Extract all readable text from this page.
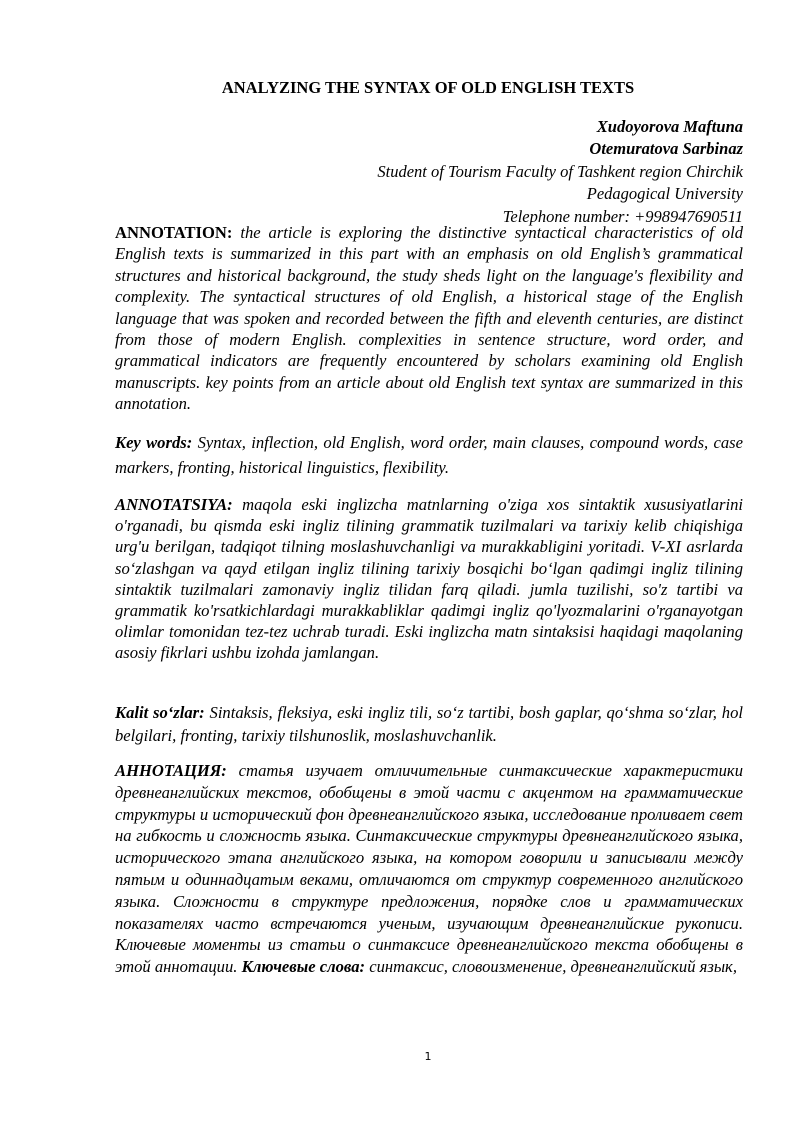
ANALYZING THE SYNTAX OF OLD ENGLISH TEXTS
Xudoyorova Maftuna
Otemuratova Sarbinaz
Student of Tourism Faculty of Tashkent region Chirchik
Pedagogical University
Telephone number: +998947690511
ANNOTATION: the article is exploring the distinctive syntactical characteristics of old English texts is summarized in this part with an emphasis on old English’s grammatical structures and historical background, the study sheds light on the language's flexibility and complexity. The syntactical structures of old English, a historical stage of the English language that was spoken and recorded between the fifth and eleventh centuries, are distinct from those of modern English. complexities in sentence structure, word order, and grammatical indicators are frequently encountered by scholars examining old English manuscripts. key points from an article about old English text syntax are summarized in this annotation.
Key words: Syntax, inflection, old English, word order, main clauses, compound words, case markers, fronting, historical linguistics, flexibility.
ANNOTATSIYA: maqola eski inglizcha matnlarning o'ziga xos sintaktik xususiyatlarini o'rganadi, bu qismda eski ingliz tilining grammatik tuzilmalari va tarixiy kelib chiqishiga urg'u berilgan, tadqiqot tilning moslashuvchanligi va murakkabligini yoritadi. V-XI asrlarda so‘zlashgan va qayd etilgan ingliz tilining tarixiy bosqichi bo‘lgan qadimgi ingliz tilining sintaktik tuzilmalari zamonaviy ingliz tilidan farq qiladi. jumla tuzilishi, so'z tartibi va grammatik ko'rsatkichlardagi murakkabliklar qadimgi ingliz qo'lyozmalarini o'rganayotgan olimlar tomonidan tez-tez uchrab turadi. Eski inglizcha matn sintaksisi haqidagi maqolaning asosiy fikrlari ushbu izohda jamlangan.
Kalit so‘zlar: Sintaksis, fleksiya, eski ingliz tili, so‘z tartibi, bosh gaplar, qo‘shma so‘zlar, hol belgilari, fronting, tarixiy tilshunoslik, moslashuvchanlik.
АННОТАЦИЯ: статья изучает отличительные синтаксические характеристики древнеанглийских текстов, обобщены в этой части с акцентом на грамматические структуры и исторический фон древнеанглийского языка, исследование проливает свет на гибкость и сложность языка. Синтаксические структуры древнеанглийского языка, исторического этапа английского языка, на котором говорили и записывали между пятым и одиннадцатым веками, отличаются от структур современного английского языка. Сложности в структуре предложения, порядке слов и грамматических показателях часто встречаются ученым, изучающим древнеанглийские рукописи. Ключевые моменты из статьи о синтаксисе древнеанглийского текста обобщены в этой аннотации. Ключевые слова: синтаксис, словоизменение, древнеанглийский язык,
1
